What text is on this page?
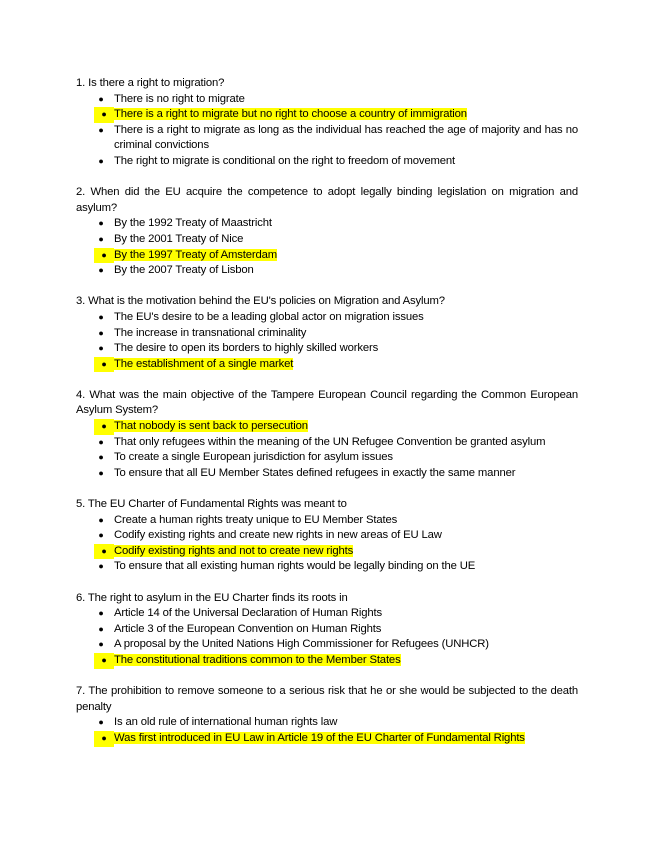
1. Is there a right to migration?
● There is no right to migrate
● There is a right to migrate but no right to choose a country of immigration
● There is a right to migrate as long as the individual has reached the age of majority and has no criminal convictions
● The right to migrate is conditional on the right to freedom of movement
2. When did the EU acquire the competence to adopt legally binding legislation on migration and asylum?
● By the 1992 Treaty of Maastricht
● By the 2001 Treaty of Nice
● By the 1997 Treaty of Amsterdam
● By the 2007 Treaty of Lisbon
3. What is the motivation behind the EU's policies on Migration and Asylum?
● The EU's desire to be a leading global actor on migration issues
● The increase in transnational criminality
● The desire to open its borders to highly skilled workers
● The establishment of a single market
4. What was the main objective of the Tampere European Council regarding the Common European Asylum System?
● That nobody is sent back to persecution
● That only refugees within the meaning of the UN Refugee Convention be granted asylum
● To create a single European jurisdiction for asylum issues
● To ensure that all EU Member States defined refugees in exactly the same manner
5. The EU Charter of Fundamental Rights was meant to
● Create a human rights treaty unique to EU Member States
● Codify existing rights and create new rights in new areas of EU Law
● Codify existing rights and not to create new rights
● To ensure that all existing human rights would be legally binding on the UE
6. The right to asylum in the EU Charter finds its roots in
● Article 14 of the Universal Declaration of Human Rights
● Article 3 of the European Convention on Human Rights
● A proposal by the United Nations High Commissioner for Refugees (UNHCR)
● The constitutional traditions common to the Member States
7. The prohibition to remove someone to a serious risk that he or she would be subjected to the death penalty
● Is an old rule of international human rights law
● Was first introduced in EU Law in Article 19 of the EU Charter of Fundamental Rights
